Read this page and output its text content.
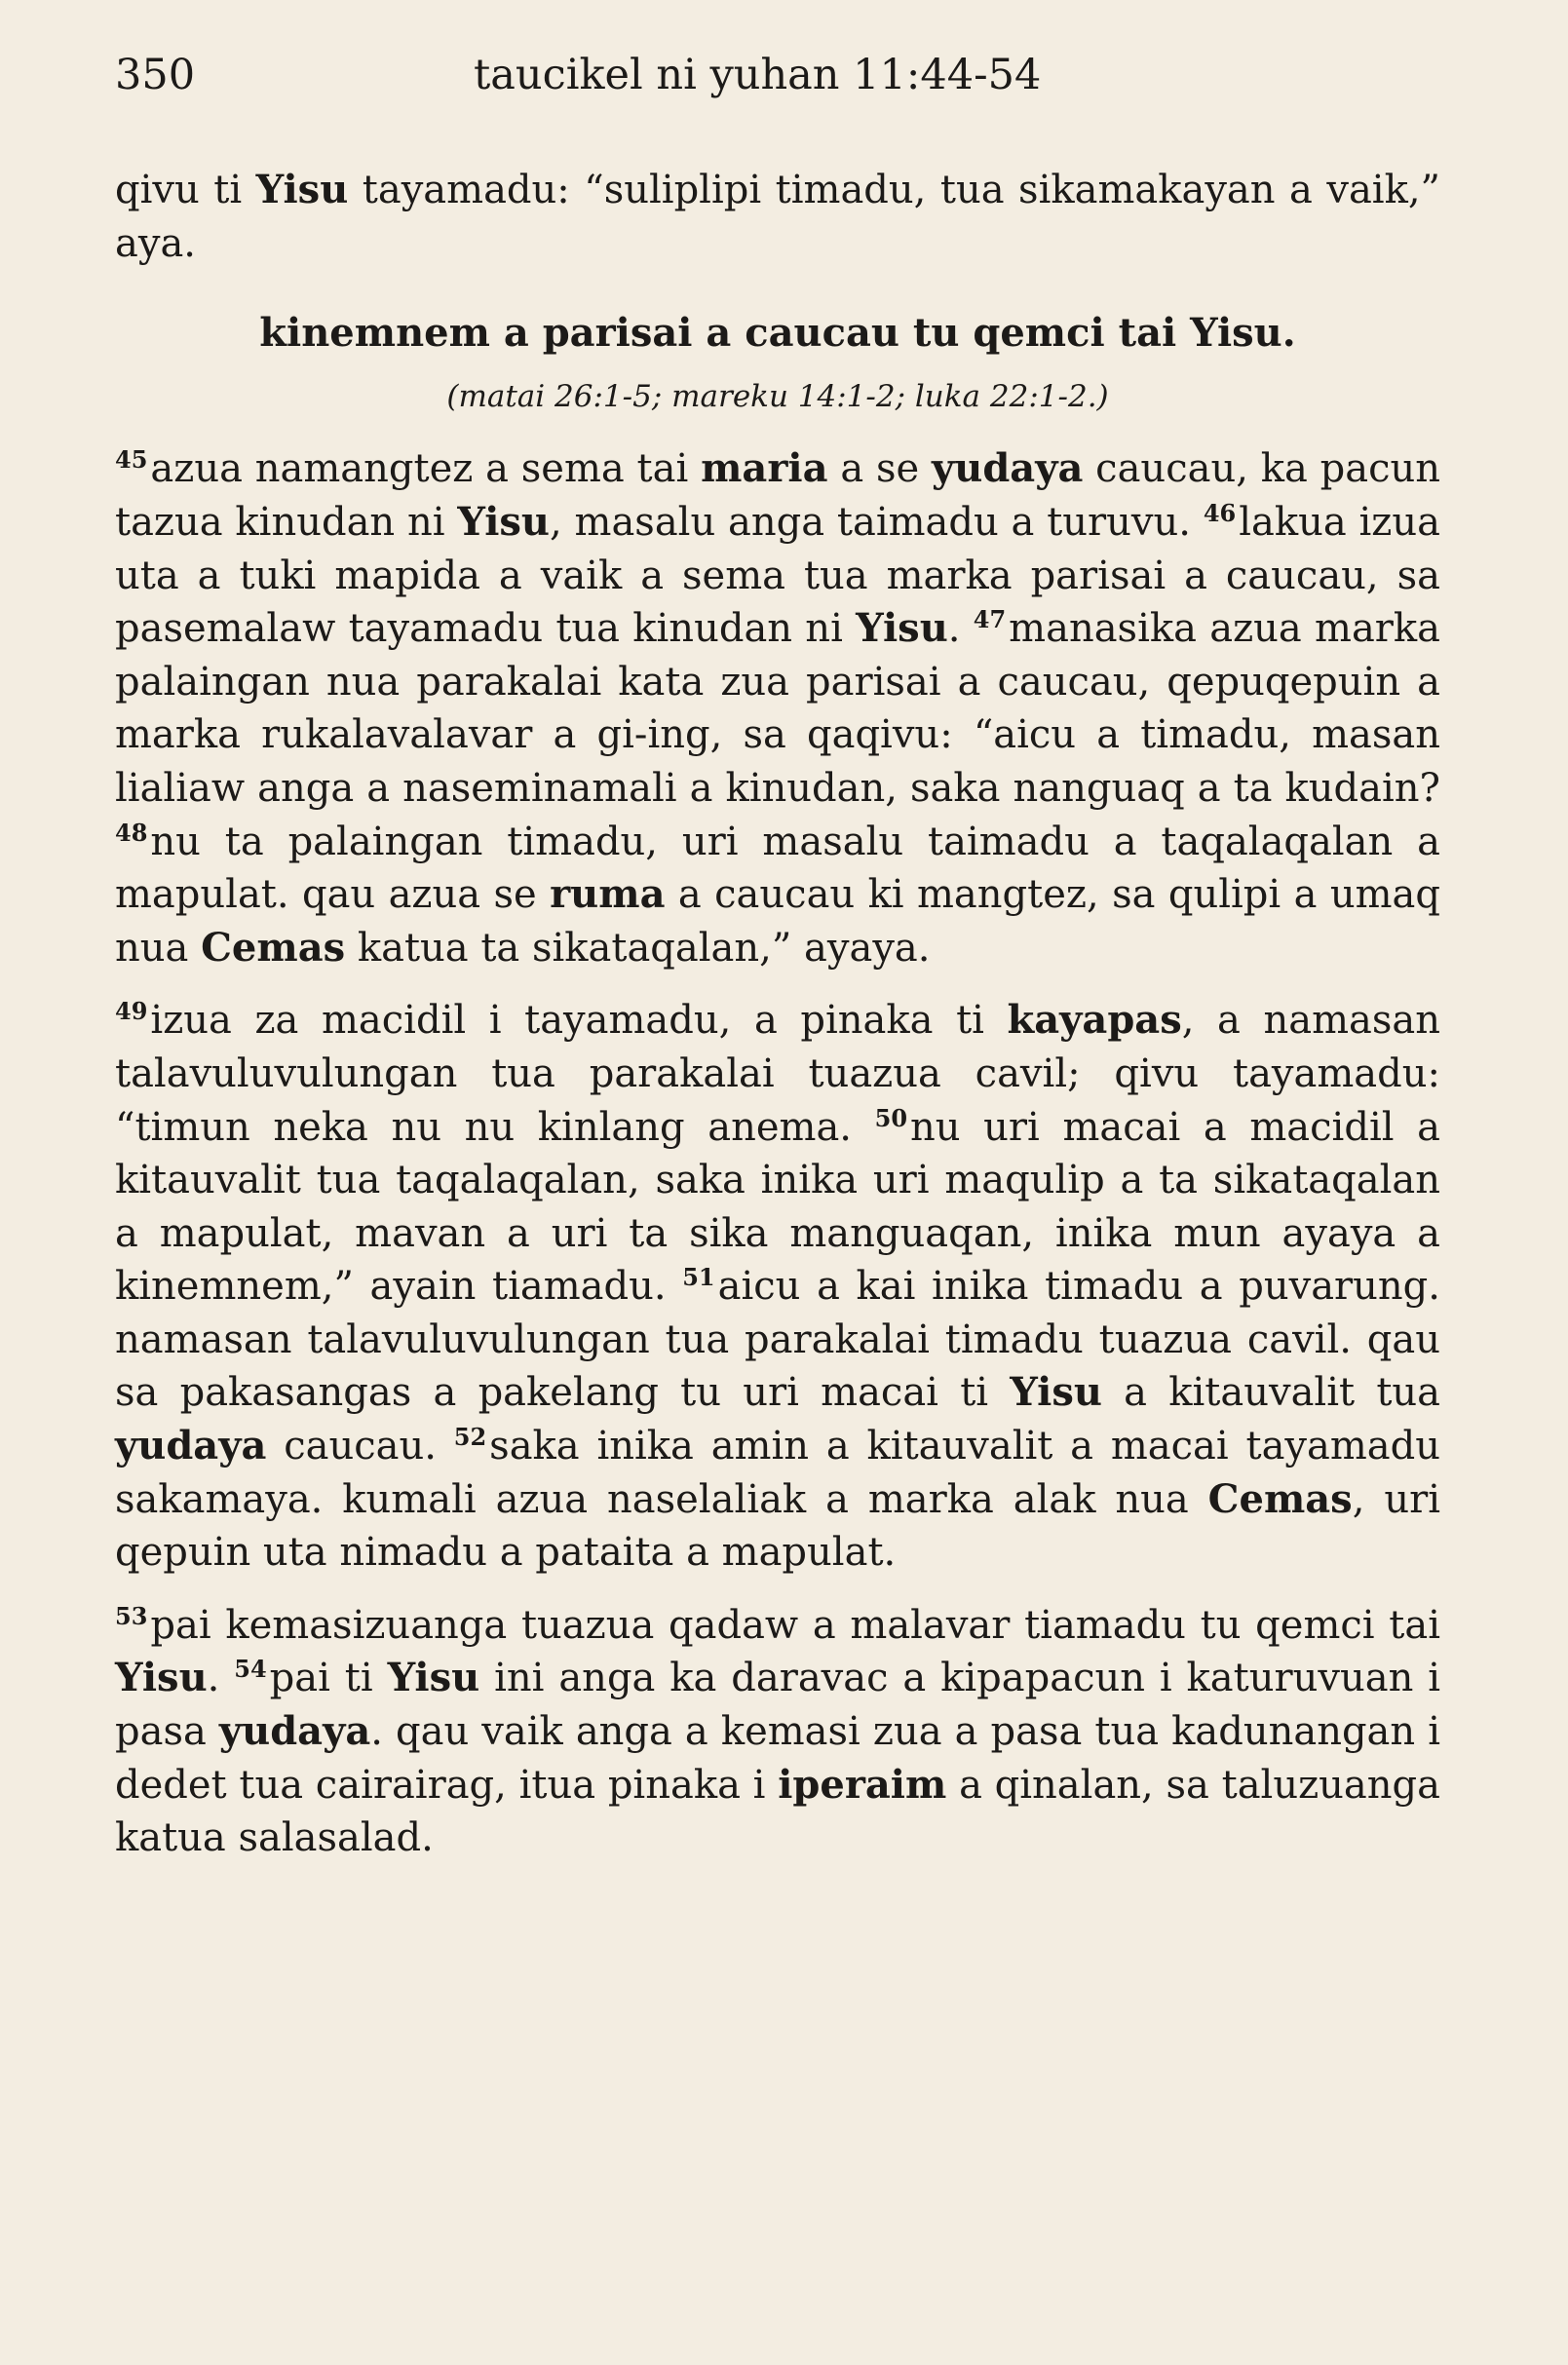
350	taucikel ni yuhan 11:44-54

qivu ti Yisu tayamadu: “suliplipi timadu, tua sikamakayan a vaik,” aya.

kinemnem a parisai a caucau tu qemci tai Yisu.

(matai 26:1-5; mareku 14:1-2; luka 22:1-2.)

$^{45}$azua namangtez a sema tai maria a se yudaya caucau, ka pacun tazua kinudan ni Yisu, masalu anga taimadu a turuvu. $^{46}$lakua izua uta a tuki mapida a vaik a sema tua marka parisai a caucau, sa pasemalaw tayamadu tua kinudan ni Yisu. $^{47}$manasika azua marka palaingan nua parakalai kata zua parisai a caucau, qepuqepuin a marka rukalavalavar a gi-ing, sa qaqivu: “aicu a timadu, masan lialiaw anga a naseminamali a kinudan, saka nanguaq a ta kudain? $^{48}$nu ta palaingan timadu, uri masalu taimadu a taqalaqalan a mapulat. qau azua se ruma a caucau ki mangtez, sa qulipi a umaq nua Cemas katua ta sikataqalan,” ayaya.

$^{49}$izua za macidil i tayamadu, a pinaka ti kayapas, a namasan talavuluvulungan tua parakalai tuazua cavil; qivu tayamadu: “timun neka nu nu kinlang anema. $^{50}$nu uri macai a macidil a kitauvalit tua taqalaqalan, saka inika uri maqulip a ta sikataqalan a mapulat, mavan a uri ta sika manguaqan, inika mun ayaya a kinemnem,” ayain tiamadu. $^{51}$aicu a kai inika timadu a puvarung. namasan talavuluvulungan tua parakalai timadu tuazua cavil. qau sa pakasangas a pakelang tu uri macai ti Yisu a kitauvalit tua yudaya caucau. $^{52}$saka inika amin a kitauvalit a macai tayamadu sakamaya. kumali azua naselaliak a marka alak nua Cemas, uri qepuin uta nimadu a pataita a mapulat.

$^{53}$pai kemasizuanga tuazua qadaw a malavar tiamadu tu qemci tai Yisu. $^{54}$pai ti Yisu ini anga ka daravac a kipapacun i katuruvuan i pasa yudaya. qau vaik anga a kemasi zua a pasa tua kadunangan i dedet tua cairairag, itua pinaka i iperaim a qinalan, sa taluzuanga katua salasalad.
